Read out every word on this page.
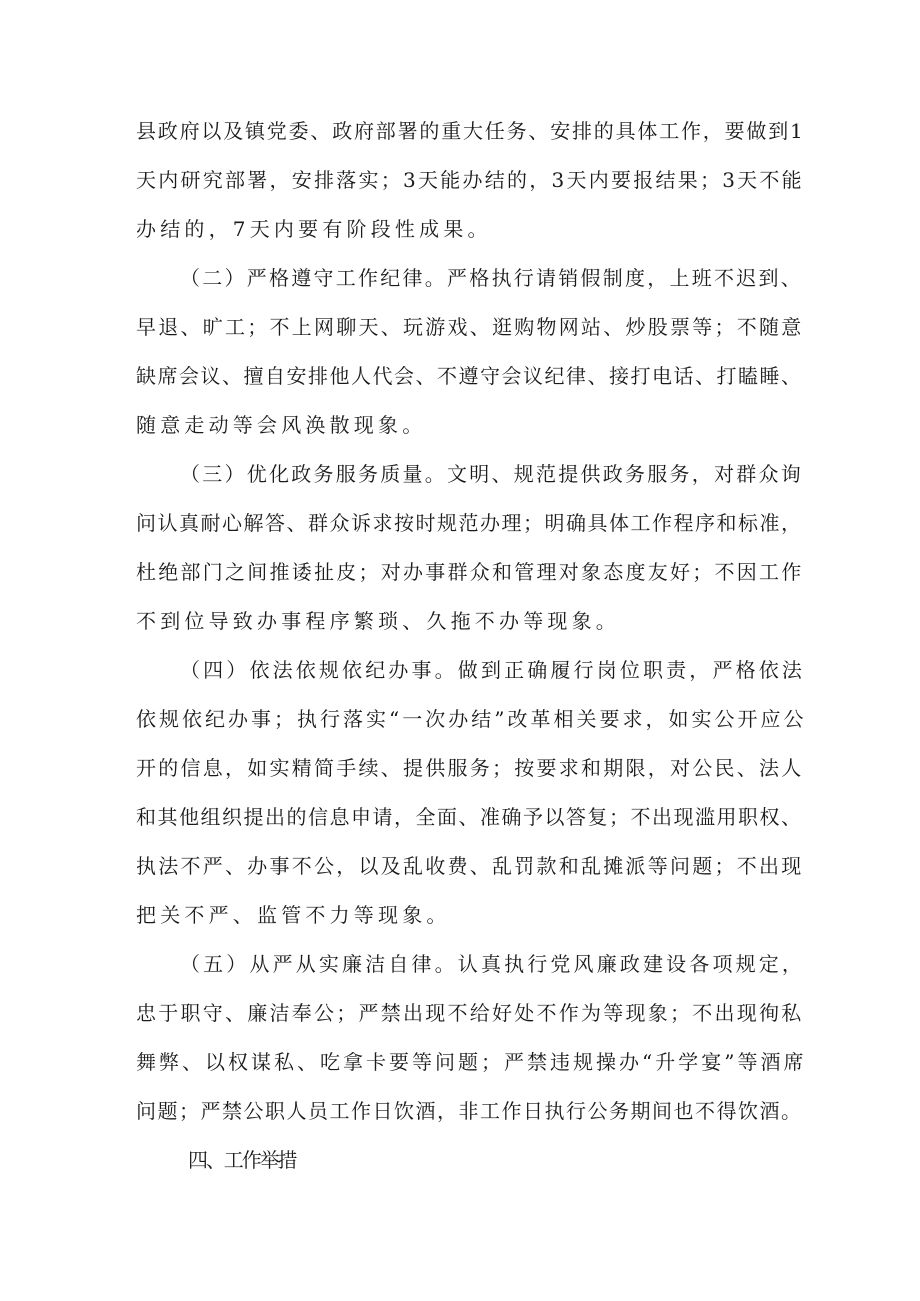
县政府以及镇党委、政府部署的重大任务、安排的具体工作，要做到1
天内研究部署，安排落实；3天能办结的，3天内要报结果；3天不能
办结的，7天内要有阶段性成果。
（二）严格遵守工作纪律。严格执行请销假制度，上班不迟到、
早退、旷工；不上网聊天、玩游戏、逛购物网站、炒股票等；不随意
缺席会议、擅自安排他人代会、不遵守会议纪律、接打电话、打瞌睡、
随意走动等会风涣散现象。
（三）优化政务服务质量。文明、规范提供政务服务，对群众询
问认真耐心解答、群众诉求按时规范办理；明确具体工作程序和标准，
杜绝部门之间推诿扯皮；对办事群众和管理对象态度友好；不因工作
不到位导致办事程序繁琐、久拖不办等现象。
（四）依法依规依纪办事。做到正确履行岗位职责，严格依法
依规依纪办事；执行落实“一次办结”改革相关要求，如实公开应公
开的信息，如实精简手续、提供服务；按要求和期限，对公民、法人
和其他组织提出的信息申请，全面、准确予以答复；不出现滥用职权、
执法不严、办事不公，以及乱收费、乱罚款和乱摊派等问题；不出现
把关不严、监管不力等现象。
（五）从严从实廉洁自律。认真执行党风廉政建设各项规定，
忠于职守、廉洁奉公；严禁出现不给好处不作为等现象；不出现徇私
舞弊、以权谋私、吃拿卡要等问题；严禁违规操办“升学宴”等酒席
问题；严禁公职人员工作日饮酒，非工作日执行公务期间也不得饮酒。
四、工作举措
